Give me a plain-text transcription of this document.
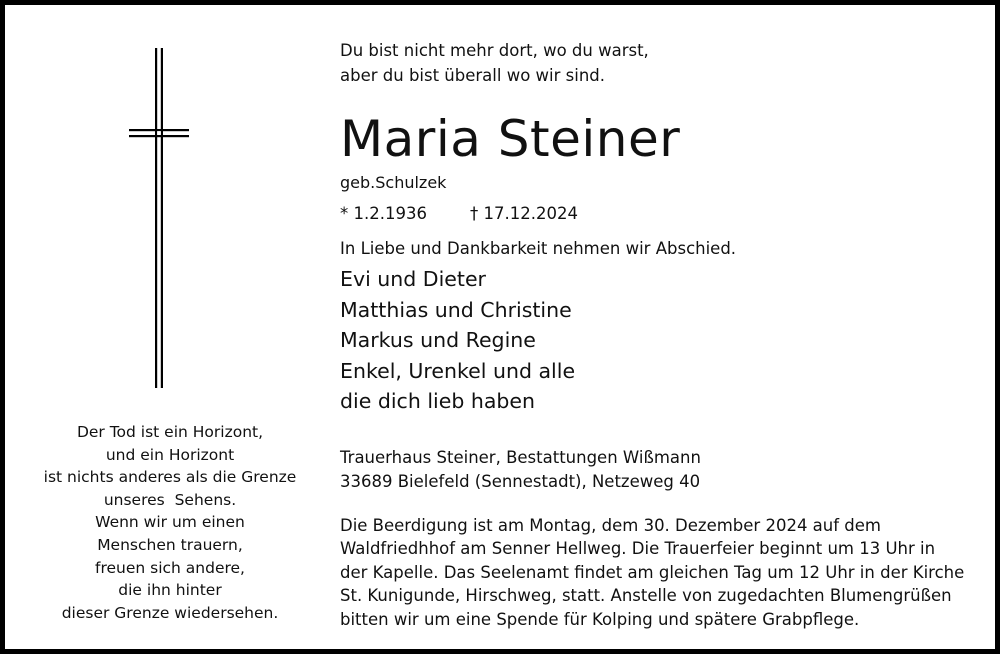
Der Tod ist ein Horizont,
und ein Horizont
ist nichts anderes als die Grenze
unseres  Sehens.
Wenn wir um einen
Menschen trauern,
freuen sich andere,
die ihn hinter
dieser Grenze wiedersehen.
Du bist nicht mehr dort, wo du warst,
aber du bist überall wo wir sind.
Maria Steiner
geb.Schulzek
* 1.2.1936	† 17.12.2024
In Liebe und Dankbarkeit nehmen wir Abschied.
Evi und Dieter
Matthias und Christine
Markus und Regine
Enkel, Urenkel und alle
die dich lieb haben
Trauerhaus Steiner, Bestattungen Wißmann
33689 Bielefeld (Sennestadt), Netzeweg 40
Die Beerdigung ist am Montag, dem 30. Dezember 2024 auf dem
Waldfriedhhof am Senner Hellweg. Die Trauerfeier beginnt um 13 Uhr in
der Kapelle. Das Seelenamt findet am gleichen Tag um 12 Uhr in der Kirche
St. Kunigunde, Hirschweg, statt. Anstelle von zugedachten Blumengrüßen
bitten wir um eine Spende für Kolping und spätere Grabpflege.
